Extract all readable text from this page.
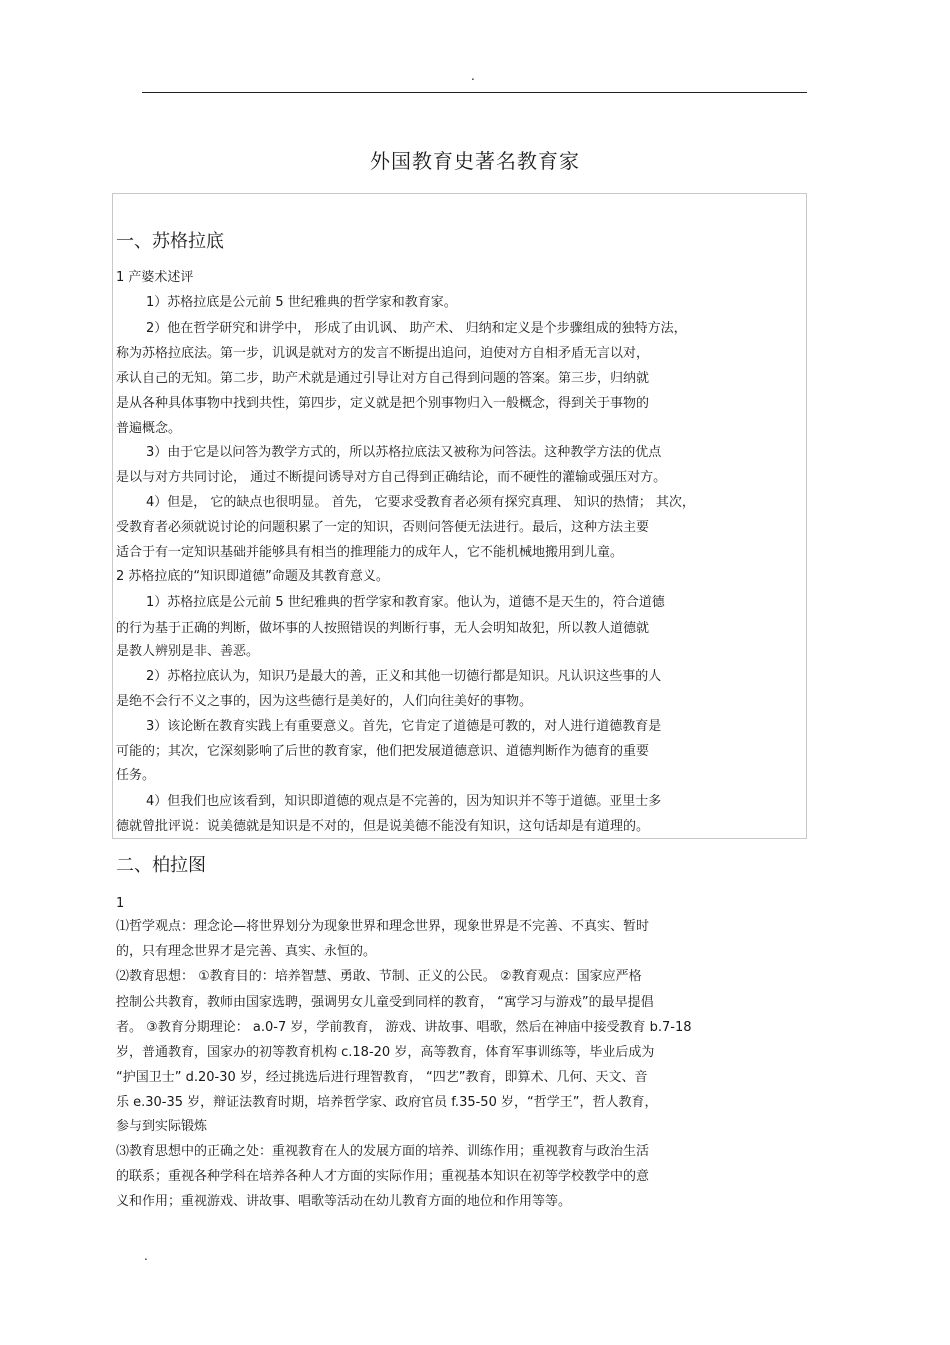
.
外国教育史著名教育家
一、苏格拉底
1 产婆术述评
1）苏格拉底是公元前 5 世纪雅典的哲学家和教育家。
2）他在哲学研究和讲学中， 形成了由讥讽、 助产术、 归纳和定义是个步骤组成的独特方法，
称为苏格拉底法。第一步，讥讽是就对方的发言不断提出追问，迫使对方自相矛盾无言以对，
承认自己的无知。第二步，助产术就是通过引导让对方自己得到问题的答案。第三步，归纳就
是从各种具体事物中找到共性，第四步，定义就是把个别事物归入一般概念，得到关于事物的
普遍概念。
3）由于它是以问答为教学方式的，所以苏格拉底法又被称为问答法。这种教学方法的优点
是以与对方共同讨论， 通过不断提问诱导对方自己得到正确结论，而不硬性的灌输或强压对方。
4）但是， 它的缺点也很明显。 首先， 它要求受教育者必须有探究真理、 知识的热情； 其次，
受教育者必须就说讨论的问题积累了一定的知识，否则问答便无法进行。最后，这种方法主要
适合于有一定知识基础并能够具有相当的推理能力的成年人，它不能机械地搬用到儿童。
2 苏格拉底的“知识即道德”命题及其教育意义。
1）苏格拉底是公元前 5 世纪雅典的哲学家和教育家。他认为，道德不是天生的，符合道德
的行为基于正确的判断，做坏事的人按照错误的判断行事，无人会明知故犯，所以教人道德就
是教人辨别是非、善恶。
2）苏格拉底认为，知识乃是最大的善，正义和其他一切德行都是知识。凡认识这些事的人
是绝不会行不义之事的，因为这些德行是美好的，人们向往美好的事物。
3）该论断在教育实践上有重要意义。首先，它肯定了道德是可教的，对人进行道德教育是
可能的；其次，它深刻影响了后世的教育家，他们把发展道德意识、道德判断作为德育的重要
任务。
4）但我们也应该看到，知识即道德的观点是不完善的，因为知识并不等于道德。亚里士多
德就曾批评说：说美德就是知识是不对的，但是说美德不能没有知识，这句话却是有道理的。
二、柏拉图
1
⑴哲学观点：理念论—将世界划分为现象世界和理念世界，现象世界是不完善、不真实、暂时
的，只有理念世界才是完善、真实、永恒的。
⑵教育思想： ①教育目的：培养智慧、勇敢、节制、正义的公民。 ②教育观点：国家应严格
控制公共教育，教师由国家选聘，强调男女儿童受到同样的教育， “寓学习与游戏”的最早提倡
者。 ③教育分期理论： a.0-7 岁，学前教育， 游戏、讲故事、唱歌，然后在神庙中接受教育 b.7-18
岁，普通教育，国家办的初等教育机构 c.18-20 岁，高等教育，体育军事训练等，毕业后成为
“护国卫士” d.20-30 岁，经过挑选后进行理智教育， “四艺”教育，即算术、几何、天文、音
乐 e.30-35 岁，辩证法教育时期，培养哲学家、政府官员 f.35-50 岁，“哲学王”，哲人教育，
参与到实际锻炼
⑶教育思想中的正确之处：重视教育在人的发展方面的培养、训练作用；重视教育与政治生活
的联系；重视各种学科在培养各种人才方面的实际作用；重视基本知识在初等学校教学中的意
义和作用；重视游戏、讲故事、唱歌等活动在幼儿教育方面的地位和作用等等。
.
